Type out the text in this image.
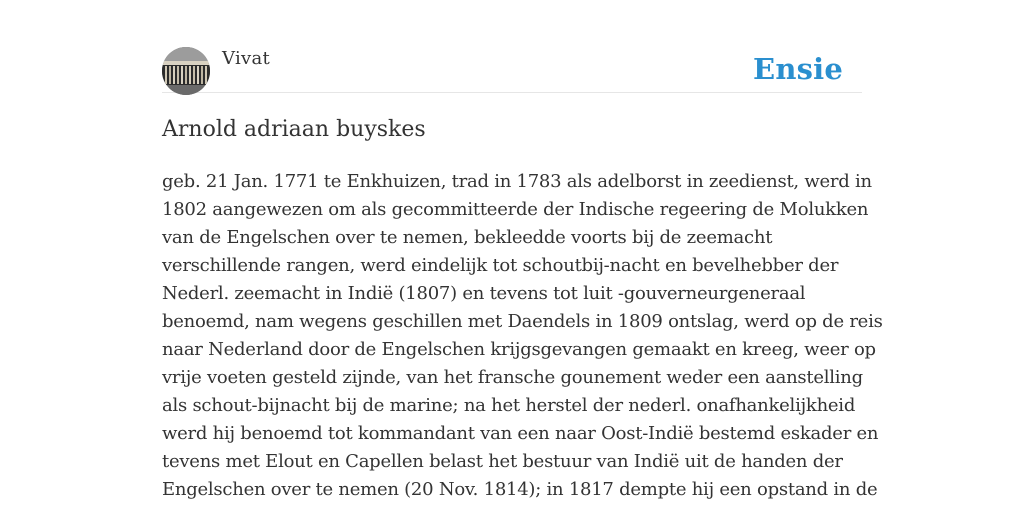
Vivat	Ensie
Arnold adriaan buyskes
geb. 21 Jan. 1771 te Enkhuizen, trad in 1783 als adelborst in zeedienst, werd in
1802 aangewezen om als gecommitteerde der Indische regeering de Molukken
van de Engelschen over te nemen, bekleedde voorts bij de zeemacht
verschillende rangen, werd eindelijk tot schoutbij-nacht en bevelhebber der
Nederl. zeemacht in Indië (1807) en tevens tot luit -gouverneurgeneraal
benoemd, nam wegens geschillen met Daendels in 1809 ontslag, werd op de reis
naar Nederland door de Engelschen krijgsgevangen gemaakt en kreeg, weer op
vrije voeten gesteld zijnde, van het fransche gounement weder een aanstelling
als schout-bijnacht bij de marine; na het herstel der nederl. onafhankelijkheid
werd hij benoemd tot kommandant van een naar Oost-Indië bestemd eskader en
tevens met Elout en Capellen belast het bestuur van Indië uit de handen der
Engelschen over te nemen (20 Nov. 1814); in 1817 dempte hij een opstand in de
